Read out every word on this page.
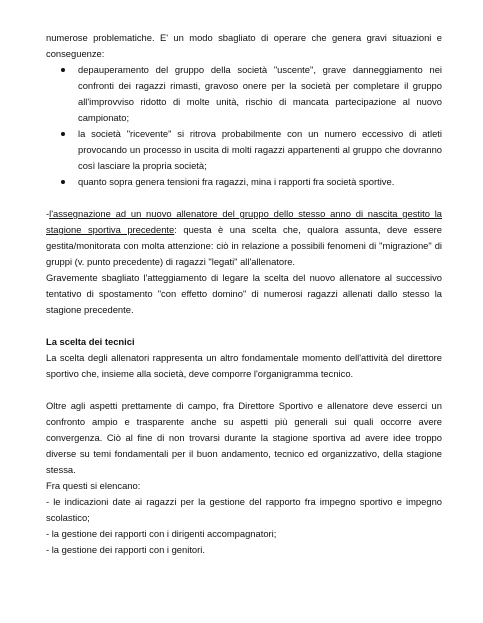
numerose problematiche. E' un modo sbagliato di operare che genera gravi situazioni e

conseguenze:

depauperamento del gruppo della società "uscente", grave danneggiamento nei confronti dei ragazzi rimasti, gravoso onere per la società per completare il gruppo all'improvviso ridotto di molte unità, rischio di mancata partecipazione al nuovo campionato;
la società "ricevente" si ritrova probabilmente con un numero eccessivo di atleti provocando un processo in uscita di molti ragazzi appartenenti al gruppo che dovranno così lasciare la propria società;
quanto sopra genera tensioni fra ragazzi, mina i rapporti fra società sportive.

-l'assegnazione ad un nuovo allenatore del gruppo dello stesso anno di nascita gestito la stagione sportiva precedente: questa è una scelta che, qualora assunta, deve essere gestita/monitorata con molta attenzione: ciò in relazione a possibili fenomeni di "migrazione" di gruppi (v. punto precedente) di ragazzi "legati" all'allenatore.

Gravemente sbagliato l'atteggiamento di legare la scelta del nuovo allenatore al successivo tentativo di spostamento "con effetto domino" di numerosi ragazzi allenati dallo stesso la stagione precedente.

La scelta dei tecnici

La scelta degli allenatori rappresenta un altro fondamentale momento dell'attività del direttore sportivo che, insieme alla società, deve comporre l'organigramma tecnico.

Oltre agli aspetti prettamente di campo, fra Direttore Sportivo e allenatore deve esserci un confronto ampio e trasparente anche su aspetti più generali sui quali occorre avere convergenza. Ciò al fine di non trovarsi durante la stagione sportiva ad avere idee troppo diverse su temi fondamentali per il buon andamento, tecnico ed organizzativo, della stagione stessa.

Fra questi si elencano:

- le indicazioni date ai ragazzi per la gestione del rapporto fra impegno sportivo e impegno scolastico;

- la gestione dei rapporti con i dirigenti accompagnatori;

- la gestione dei rapporti con i genitori.
